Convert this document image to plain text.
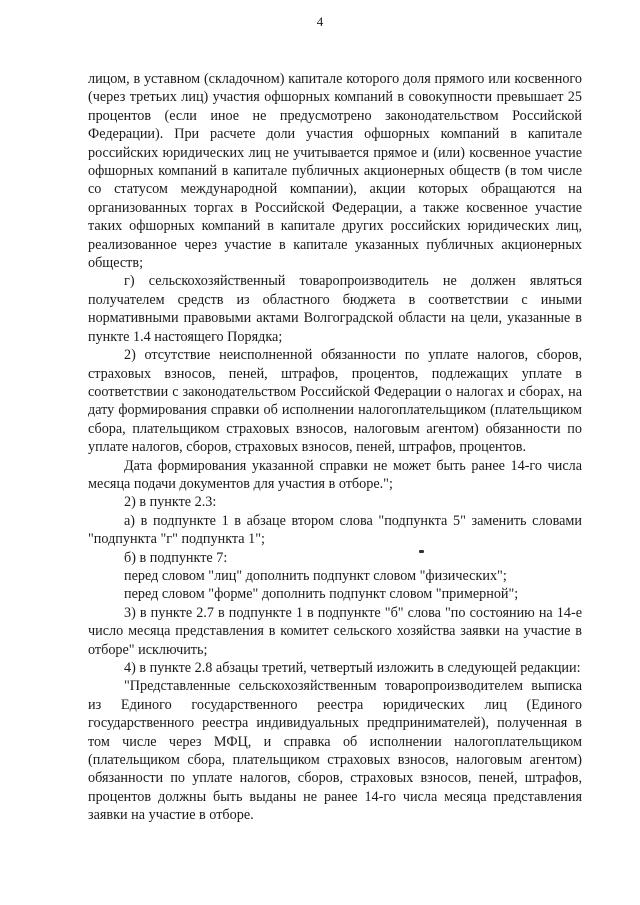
4

лицом, в уставном (складочном) капитале которого доля прямого или косвенного (через третьих лиц) участия офшорных компаний в совокупности превышает 25 процентов (если иное не предусмотрено законодательством Российской Федерации). При расчете доли участия офшорных компаний в капитале российских юридических лиц не учитывается прямое и (или) косвенное участие офшорных компаний в капитале публичных акционерных обществ (в том числе со статусом международной компании), акции которых обращаются на организованных торгах в Российской Федерации, а также косвенное участие таких офшорных компаний в капитале других российских юридических лиц, реализованное через участие в капитале указанных публичных акционерных обществ;

г) сельскохозяйственный товаропроизводитель не должен являться получателем средств из областного бюджета в соответствии с иными нормативными правовыми актами Волгоградской области на цели, указанные в пункте 1.4 настоящего Порядка;

2) отсутствие неисполненной обязанности по уплате налогов, сборов, страховых взносов, пеней, штрафов, процентов, подлежащих уплате в соответствии с законодательством Российской Федерации о налогах и сборах, на дату формирования справки об исполнении налогоплательщиком (плательщиком сбора, плательщиком страховых взносов, налоговым агентом) обязанности по уплате налогов, сборов, страховых взносов, пеней, штрафов, процентов.

Дата формирования указанной справки не может быть ранее 14-го числа месяца подачи документов для участия в отборе.";

2) в пункте 2.3:

а) в подпункте 1 в абзаце втором слова "подпункта 5" заменить словами "подпункта "г" подпункта 1";

б) в подпункте 7:

перед словом "лиц" дополнить подпункт словом "физических";

перед словом "форме" дополнить подпункт словом "примерной";

3) в пункте 2.7 в подпункте 1 в подпункте "б" слова "по состоянию на 14-е число месяца представления в комитет сельского хозяйства заявки на участие в отборе" исключить;

4) в пункте 2.8 абзацы третий, четвертый изложить в следующей редакции:

"Представленные сельскохозяйственным товаропроизводителем выписка из Единого государственного реестра юридических лиц (Единого государственного реестра индивидуальных предпринимателей), полученная в том числе через МФЦ, и справка об исполнении налогоплательщиком (плательщиком сбора, плательщиком страховых взносов, налоговым агентом) обязанности по уплате налогов, сборов, страховых взносов, пеней, штрафов, процентов должны быть выданы не ранее 14-го числа месяца представления заявки на участие в отборе.
